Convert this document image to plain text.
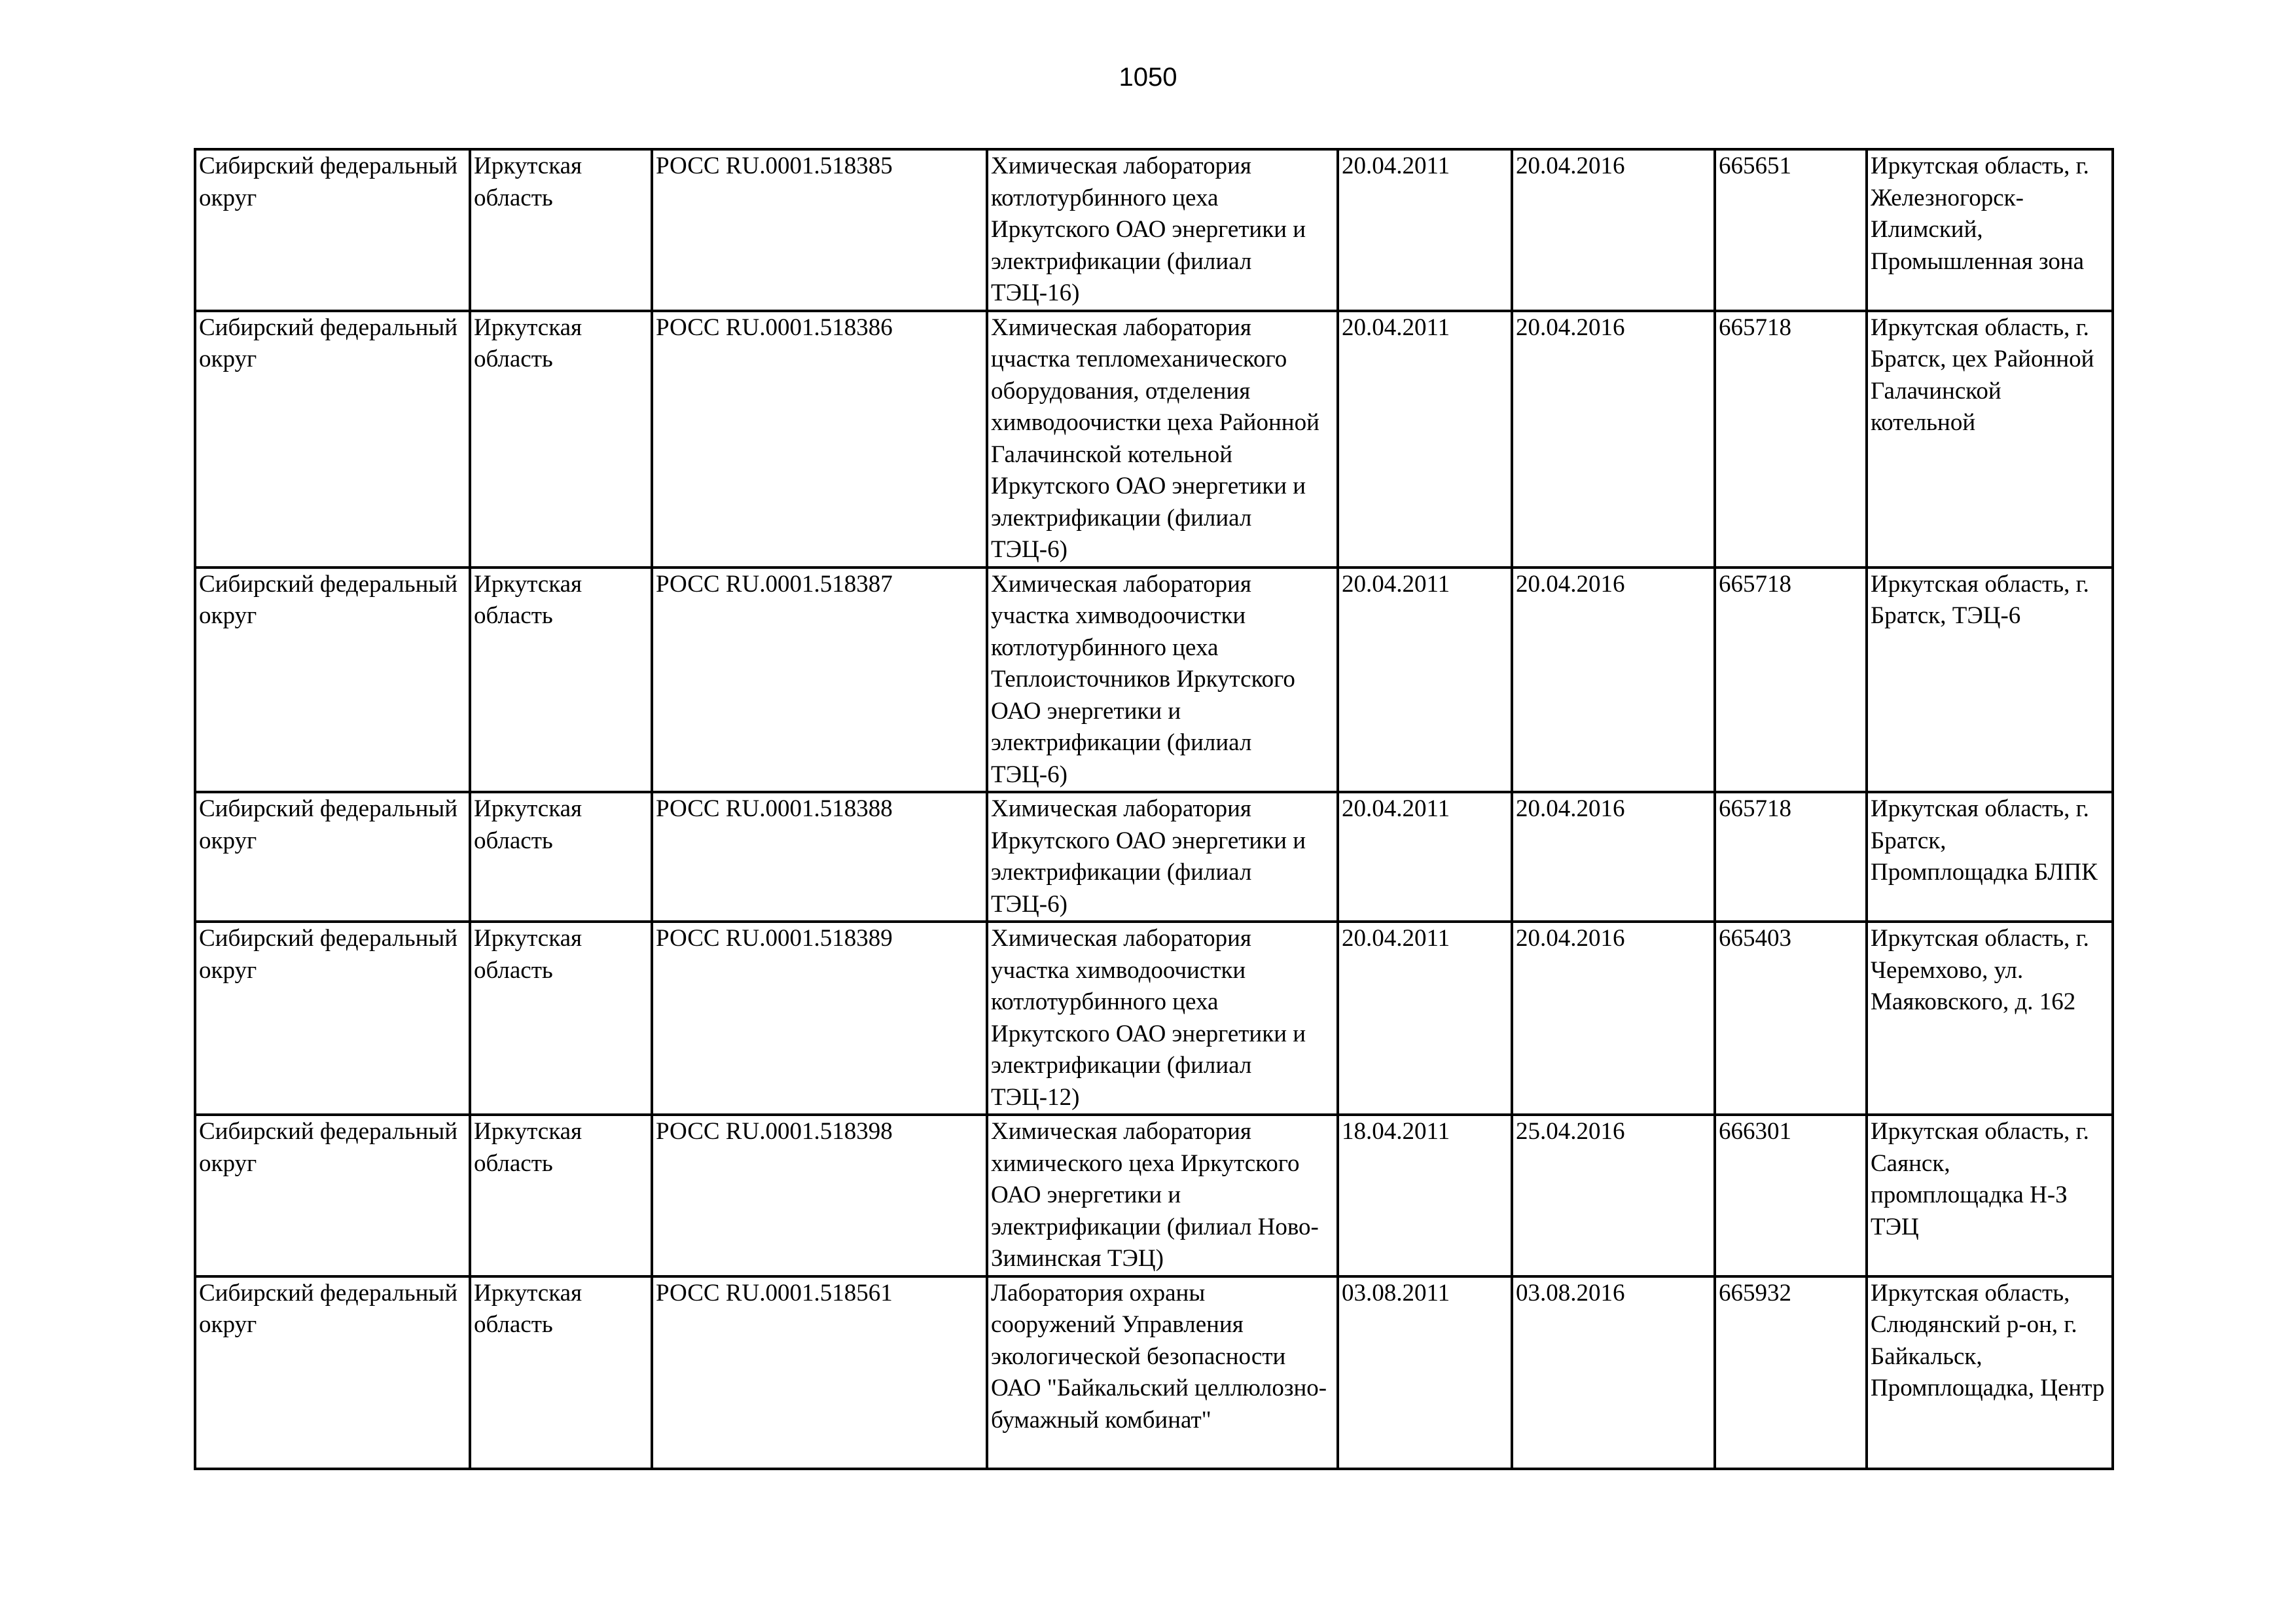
1050
Сибирский федеральный округ	Иркутская область	РОСС RU.0001.518385	Химическая лаборатория котлотурбинного цеха Иркутского ОАО энергетики и электрификации (филиал ТЭЦ-16)	20.04.2011	20.04.2016	665651	Иркутская область, г. Железногорск-Илимский, Промышленная зона
Сибирский федеральный округ	Иркутская область	РОСС RU.0001.518386	Химическая лаборатория цчастка тепломеханического оборудования, отделения химводоочистки цеха Районной Галачинской котельной Иркутского ОАО энергетики и электрификации (филиал ТЭЦ-6)	20.04.2011	20.04.2016	665718	Иркутская область, г. Братск, цех Районной Галачинской котельной
Сибирский федеральный округ	Иркутская область	РОСС RU.0001.518387	Химическая лаборатория участка химводоочистки котлотурбинного цеха Теплоисточников Иркутского ОАО энергетики и электрификации (филиал ТЭЦ-6)	20.04.2011	20.04.2016	665718	Иркутская область, г. Братск, ТЭЦ-6
Сибирский федеральный округ	Иркутская область	РОСС RU.0001.518388	Химическая лаборатория Иркутского ОАО энергетики и электрификации (филиал ТЭЦ-6)	20.04.2011	20.04.2016	665718	Иркутская область, г. Братск, Промплощадка БЛПК
Сибирский федеральный округ	Иркутская область	РОСС RU.0001.518389	Химическая лаборатория участка химводоочистки котлотурбинного цеха Иркутского ОАО энергетики и электрификации (филиал ТЭЦ-12)	20.04.2011	20.04.2016	665403	Иркутская область, г. Черемхово, ул. Маяковского, д. 162
Сибирский федеральный округ	Иркутская область	РОСС RU.0001.518398	Химическая лаборатория химического цеха Иркутского ОАО энергетики и электрификации (филиал Ново-Зиминская ТЭЦ)	18.04.2011	25.04.2016	666301	Иркутская область, г. Саянск, промплощадка Н-З ТЭЦ
Сибирский федеральный округ	Иркутская область	РОСС RU.0001.518561	Лаборатория охраны сооружений Управления экологической безопасности ОАО "Байкальский целлюлозно-бумажный комбинат"	03.08.2011	03.08.2016	665932	Иркутская область, Слюдянский р-он, г. Байкальск, Промплощадка, Центр
